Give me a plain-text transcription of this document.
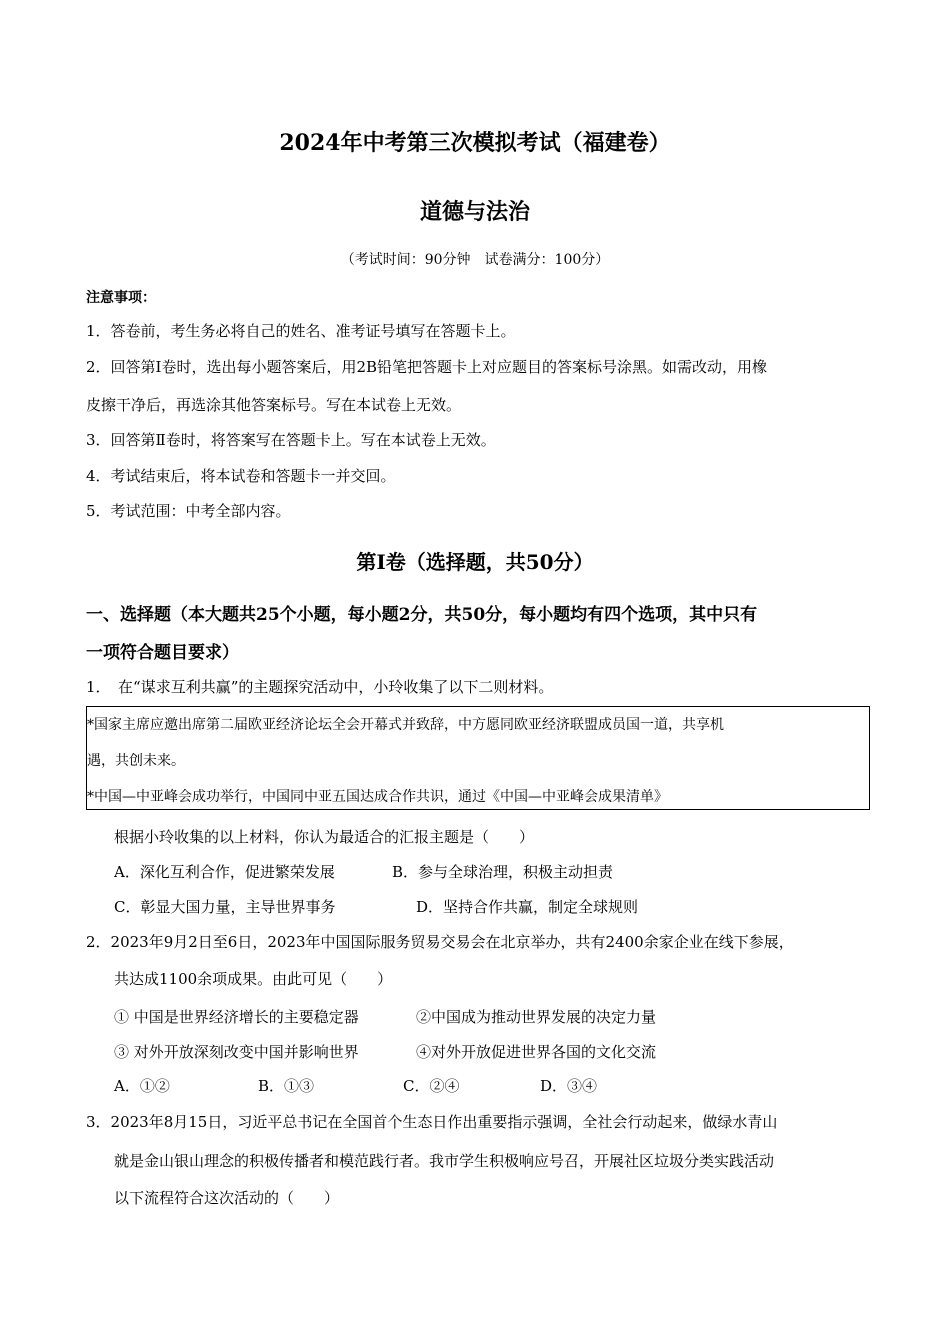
2024年中考第三次模拟考试（福建卷）
道德与法治
（考试时间：90分钟　试卷满分：100分）
注意事项：
1．答卷前，考生务必将自己的姓名、准考证号填写在答题卡上。
2．回答第Ⅰ卷时，选出每小题答案后，用2B铅笔把答题卡上对应题目的答案标号涂黑。如需改动，用橡
皮擦干净后，再选涂其他答案标号。写在本试卷上无效。
3．回答第Ⅱ卷时，将答案写在答题卡上。写在本试卷上无效。
4．考试结束后，将本试卷和答题卡一并交回。
5．考试范围：中考全部内容。
第Ⅰ卷（选择题，共50分）
一、选择题（本大题共25个小题，每小题2分，共50分，每小题均有四个选项，其中只有
一项符合题目要求）
1．　在“谋求互利共赢”的主题探究活动中，小玲收集了以下二则材料。
*国家主席应邀出席第二届欧亚经济论坛全会开幕式并致辞，中方愿同欧亚经济联盟成员国一道，共享机
遇，共创未来。
*中国—中亚峰会成功举行，中国同中亚五国达成合作共识，通过《中国—中亚峰会成果清单》
根据小玲收集的以上材料，你认为最适合的汇报主题是（　　）
A．深化互利合作，促进繁荣发展	B．参与全球治理，积极主动担责
C．彰显大国力量，主导世界事务	D．坚持合作共赢，制定全球规则
2．2023年9月2日至6日，2023年中国国际服务贸易交易会在北京举办，共有2400余家企业在线下参展，
共达成1100余项成果。由此可见（　　）
① 中国是世界经济增长的主要稳定器	②中国成为推动世界发展的决定力量
③ 对外开放深刻改变中国并影响世界	④对外开放促进世界各国的文化交流
A．①②	B．①③	C．②④	D．③④
3．2023年8月15日，习近平总书记在全国首个生态日作出重要指示强调，全社会行动起来，做绿水青山
就是金山银山理念的积极传播者和模范践行者。我市学生积极响应号召，开展社区垃圾分类实践活动
以下流程符合这次活动的（　　）
